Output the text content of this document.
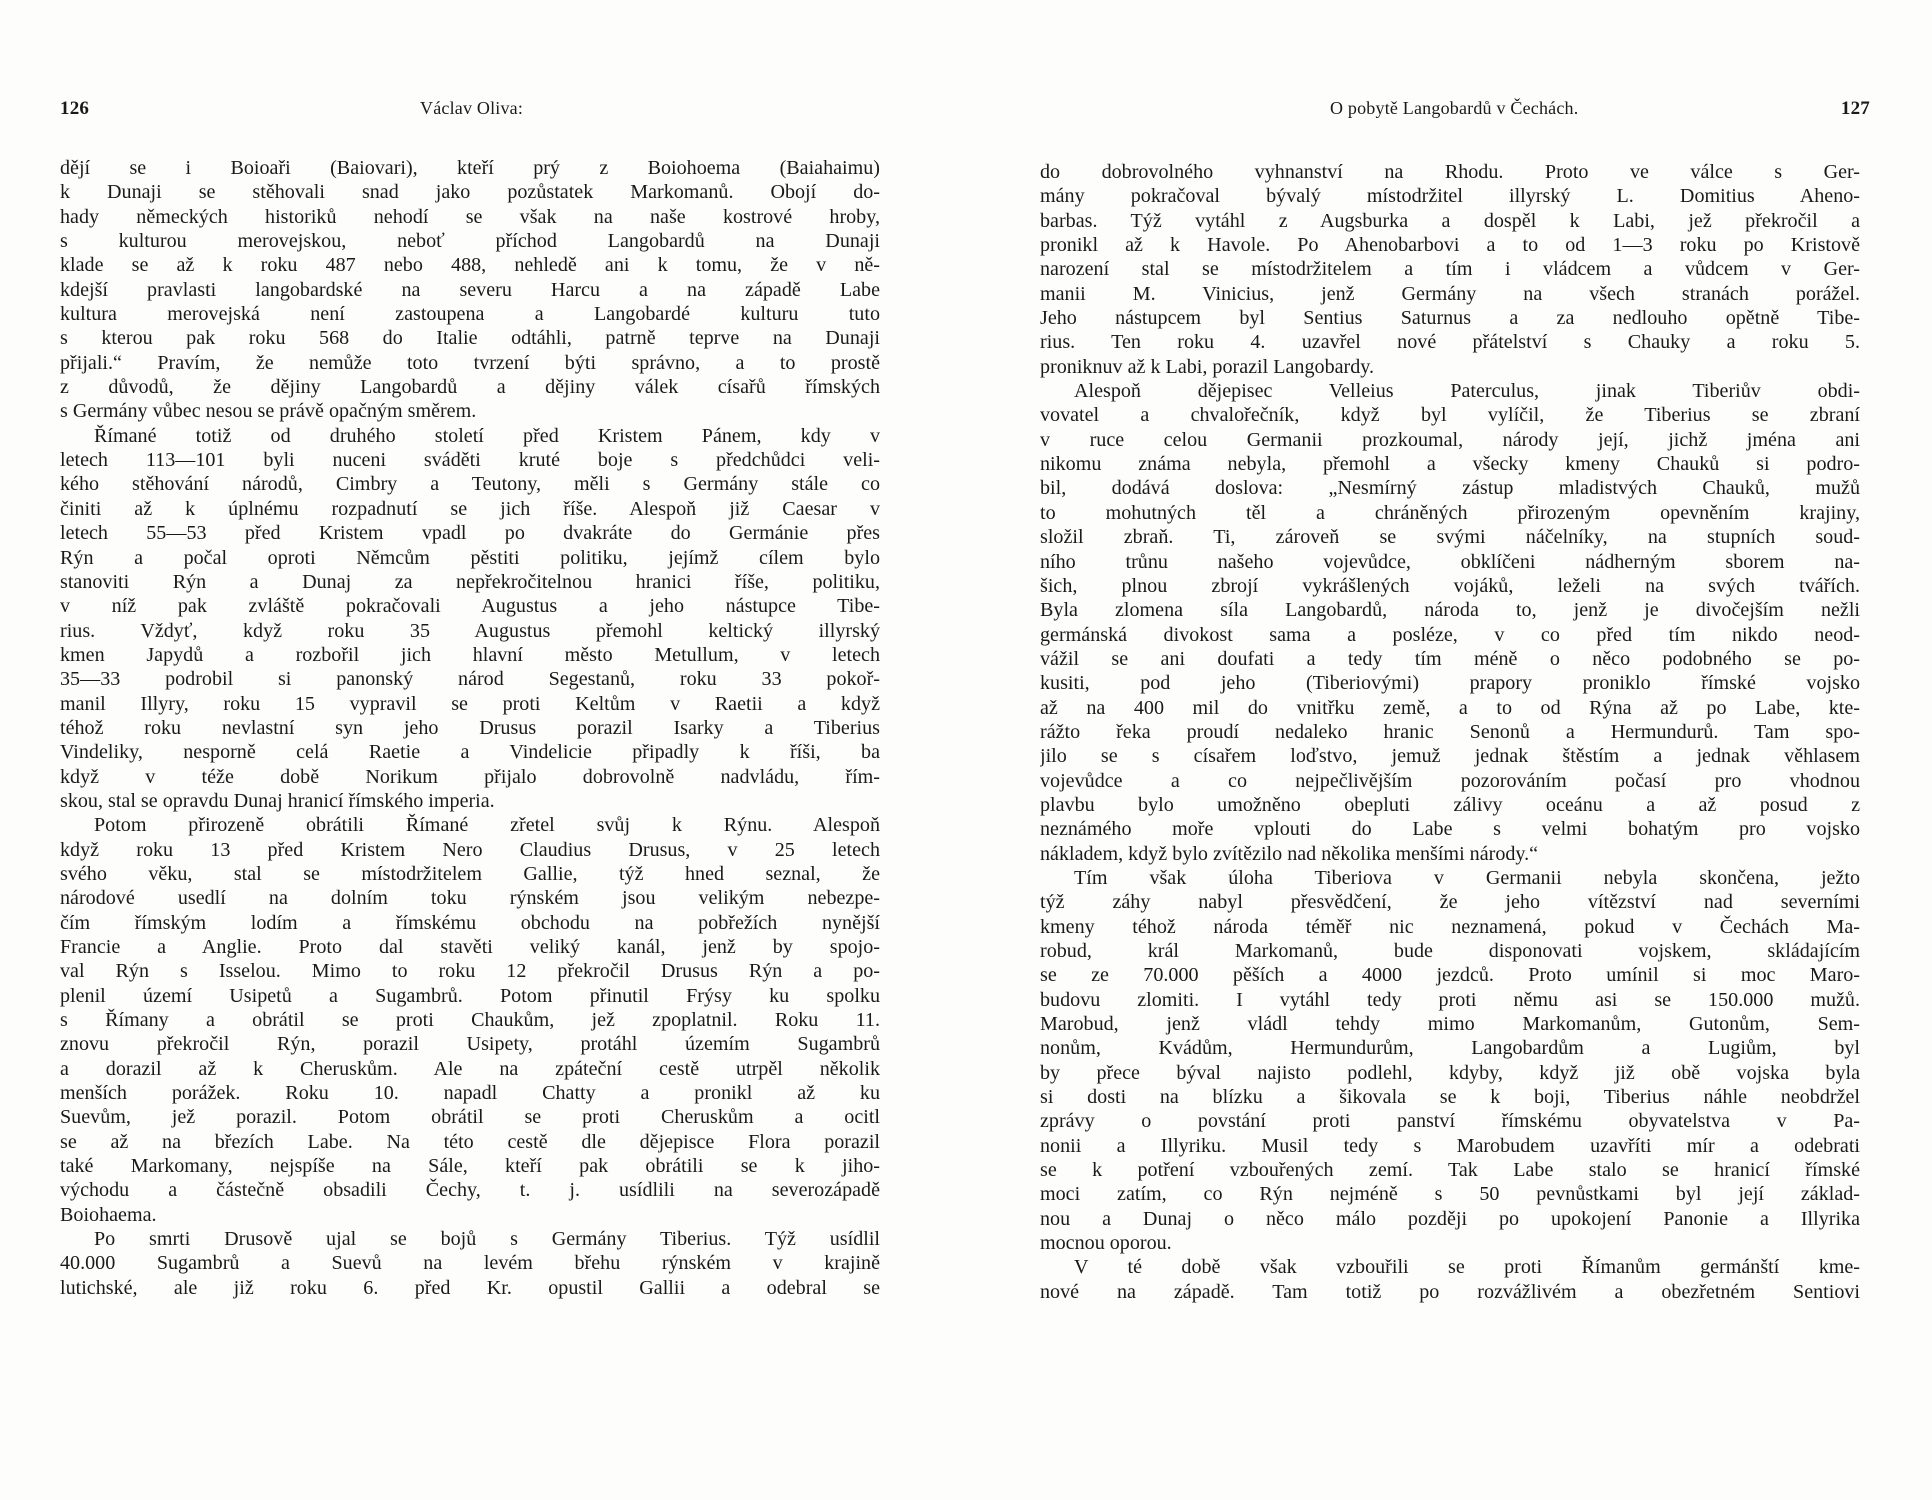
126	Václav Oliva:
dějí se i Boioaři (Baiovari), kteří prý z Boiohoema (Baiahaimu)
k Dunaji se stěhovali snad jako pozůstatek Markomanů. Obojí do-
hady německých historiků nehodí se však na naše kostrové hroby,
s kulturou merovejskou, neboť příchod Langobardů na Dunaji
klade se až k roku 487 nebo 488, nehledě ani k tomu, že v ně-
kdejší pravlasti langobardské na severu Harcu a na západě Labe
kultura merovejská není zastoupena a Langobardé kulturu tuto
s kterou pak roku 568 do Italie odtáhli, patrně teprve na Dunaji
přijali.“ Pravím, že nemůže toto tvrzení býti správno, a to prostě
z důvodů, že dějiny Langobardů a dějiny válek císařů římských
s Germány vůbec nesou se právě opačným směrem.
Římané totiž od druhého století před Kristem Pánem, kdy v
letech 113—101 byli nuceni sváděti kruté boje s předchůdci veli-
kého stěhování národů, Cimbry a Teutony, měli s Germány stále co
činiti až k úplnému rozpadnutí se jich říše. Alespoň již Caesar v
letech 55—53 před Kristem vpadl po dvakráte do Germánie přes
Rýn a počal oproti Němcům pěstiti politiku, jejímž cílem bylo
stanoviti Rýn a Dunaj za nepřekročitelnou hranici říše, politiku,
v níž pak zvláště pokračovali Augustus a jeho nástupce Tibe-
rius. Vždyť, když roku 35 Augustus přemohl keltický illyrský
kmen Japydů a rozbořil jich hlavní město Metullum, v letech
35—33 podrobil si panonský národ Segestanů, roku 33 pokoř-
manil Illyry, roku 15 vypravil se proti Keltům v Raetii a když
téhož roku nevlastní syn jeho Drusus porazil Isarky a Tiberius
Vindeliky, nesporně celá Raetie a Vindelicie připadly k říši, ba
když v téže době Norikum přijalo dobrovolně nadvládu, řím-
skou, stal se opravdu Dunaj hranicí římského imperia.
Potom přirozeně obrátili Římané zřetel svůj k Rýnu. Alespoň
když roku 13 před Kristem Nero Claudius Drusus, v 25 letech
svého věku, stal se místodržitelem Gallie, týž hned seznal, že
národové usedlí na dolním toku rýnském jsou velikým nebezpe-
čím římským lodím a římskému obchodu na pobřežích nynější
Francie a Anglie. Proto dal stavěti veliký kanál, jenž by spojo-
val Rýn s Isselou. Mimo to roku 12 překročil Drusus Rýn a po-
plenil území Usipetů a Sugambrů. Potom přinutil Frýsy ku spolku
s Římany a obrátil se proti Chaukům, jež zpoplatnil. Roku 11.
znovu překročil Rýn, porazil Usipety, protáhl územím Sugambrů
a dorazil až k Cheruskům. Ale na zpáteční cestě utrpěl několik
menších porážek. Roku 10. napadl Chatty a pronikl až ku
Suevům, jež porazil. Potom obrátil se proti Cheruskům a ocitl
se až na březích Labe. Na této cestě dle dějepisce Flora porazil
také Markomany, nejspíše na Sále, kteří pak obrátili se k jiho-
východu a částečně obsadili Čechy, t. j. usídlili na severozápadě
Boiohaema.
Po smrti Drusově ujal se bojů s Germány Tiberius. Týž usídlil
40.000 Sugambrů a Suevů na levém břehu rýnském v krajině
lutichské, ale již roku 6. před Kr. opustil Gallii a odebral se
O pobytě Langobardů v Čechách.	127
do dobrovolného vyhnanství na Rhodu. Proto ve válce s Ger-
mány pokračoval bývalý místodržitel illyrský L. Domitius Aheno-
barbas. Týž vytáhl z Augsburka a dospěl k Labi, jež překročil a
pronikl až k Havole. Po Ahenobarbovi a to od 1—3 roku po Kristově
narození stal se místodržitelem a tím i vládcem a vůdcem v Ger-
manii M. Vinicius, jenž Germány na všech stranách porážel.
Jeho nástupcem byl Sentius Saturnus a za nedlouho opětně Tibe-
rius. Ten roku 4. uzavřel nové přátelství s Chauky a roku 5.
proniknuv až k Labi, porazil Langobardy.
Alespoň dějepisec Velleius Paterculus, jinak Tiberiův obdi-
vovatel a chvalořečník, když byl vylíčil, že Tiberius se zbraní
v ruce celou Germanii prozkoumal, národy její, jichž jména ani
nikomu známa nebyla, přemohl a všecky kmeny Chauků si podro-
bil, dodává doslova: „Nesmírný zástup mladistvých Chauků, mužů
to mohutných těl a chráněných přirozeným opevněním krajiny,
složil zbraň. Ti, zároveň se svými náčelníky, na stupních soud-
ního trůnu našeho vojevůdce, obklíčeni nádherným sborem na-
šich, plnou zbrojí vykrášlených vojáků, leželi na svých tvářích.
Byla zlomena síla Langobardů, národa to, jenž je divočejším nežli
germánská divokost sama a posléze, v co před tím nikdo neod-
vážil se ani doufati a tedy tím méně o něco podobného se po-
kusiti, pod jeho (Tiberiovými) prapory proniklo římské vojsko
až na 400 mil do vnitřku země, a to od Rýna až po Labe, kte-
rážto řeka proudí nedaleko hranic Senonů a Hermundurů. Tam spo-
jilo se s císařem loďstvo, jemuž jednak štěstím a jednak věhlasem
vojevůdce a co nejpečlivějším pozorováním počasí pro vhodnou
plavbu bylo umožněno obepluti zálivy oceánu a až posud z
neznámého moře vplouti do Labe s velmi bohatým pro vojsko
nákladem, když bylo zvítězilo nad několika menšími národy.“
Tím však úloha Tiberiova v Germanii nebyla skončena, ježto
týž záhy nabyl přesvědčení, že jeho vítězství nad severními
kmeny téhož národa téměř nic neznamená, pokud v Čechách Ma-
robud, král Markomanů, bude disponovati vojskem, skládajícím
se ze 70.000 pěších a 4000 jezdců. Proto umínil si moc Maro-
budovu zlomiti. I vytáhl tedy proti němu asi se 150.000 mužů.
Marobud, jenž vládl tehdy mimo Markomanům, Gutonům, Sem-
nonům, Kvádům, Hermundurům, Langobardům a Lugiům, byl
by přece býval najisto podlehl, kdyby, když již obě vojska byla
si dosti na blízku a šikovala se k boji, Tiberius náhle neobdržel
zprávy o povstání proti panství římskému obyvatelstva v Pa-
nonii a Illyriku. Musil tedy s Marobudem uzavříti mír a odebrati
se k potření vzbouřených zemí. Tak Labe stalo se hranicí římské
moci zatím, co Rýn nejméně s 50 pevnůstkami byl její základ-
nou a Dunaj o něco málo později po upokojení Panonie a Illyrika
mocnou oporou.
V té době však vzbouřili se proti Římanům germánští kme-
nové na západě. Tam totiž po rozvážlivém a obezřetném Sentiovi
